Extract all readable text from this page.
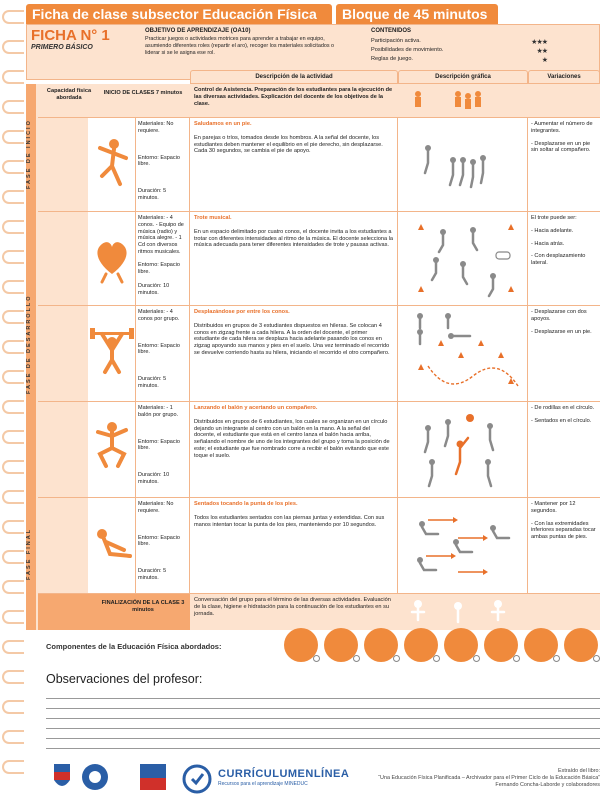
Ficha de clase subsector Educación Física	Bloque de 45 minutos
FICHA N° 1
PRIMERO BÁSICO
OBJETIVO DE APRENDIZAJE (OA10)
Practicar juegos o actividades motrices para aprender a trabajar en equipo, asumiendo diferentes roles (repartir el aro), recoger los materiales solicitados o liderar si se le asigna ese rol.
CONTENIDOS
Participación activa.	★★★
Posibilidades de movimiento.	★★
Reglas de juego.	★
Descripción de la actividad	Descripción gráfica	Variaciones
FASE DE INICIO
FASE DE DESARROLLO
FASE FINAL
Capacidad física abordada
INICIO DE CLASES 7 minutos	Control de Asistencia. Preparación de los estudiantes para la ejecución de las diversas actividades. Explicación del docente de los objetivos de la clase.
Materiales: No requiere.
Entorno: Espacio libre.
Duración: 5 minutos.
Saludamos en un pie.
En parejas o tríos, tomados desde los hombros. A la señal del docente, los estudiantes deben mantener el equilibrio en el pie derecho, sin desplazarse. Cada 30 segundos, se cambia el pie de apoyo.
- Aumentar el número de integrantes.
- Desplazarse en un pie sin soltar al compañero.
Materiales: - 4 conos. - Equipo de música (radio) y música alegre. - 1 Cd con diversos ritmos musicales.
Entorno: Espacio libre.
Duración: 10 minutos.
Trote musical.
En un espacio delimitado por cuatro conos, el docente invita a los estudiantes a trotar con diferentes intensidades al ritmo de la música. El docente selecciona la música adecuada para tener diferentes intensidades de trote y pausas activas.
El trote puede ser:
- Hacia adelante.
- Hacia atrás.
- Con desplazamiento lateral.
Materiales: - 4 conos por grupo.
Entorno: Espacio libre.
Duración: 5 minutos.
Desplazándose por entre los conos.
Distribuidos en grupos de 3 estudiantes dispuestos en hileras. Se colocan 4 conos en zigzag frente a cada hilera. A la orden del docente, el primer estudiante de cada hilera se desplaza hacia adelante pasando los conos en zigzag apoyando sus manos y pies en el suelo. Una vez terminado el recorrido se devuelve corriendo hasta su hilera, iniciando el recorrido el otro compañero.
- Desplazarse con dos apoyos.
- Desplazarse en un pie.
Materiales: - 1 balón por grupo.
Entorno: Espacio libre.
Duración: 10 minutos.
Lanzando el balón y acertando un compañero.
Distribuidos en grupos de 6 estudiantes, los cuales se organizan en un círculo dejando un integrante al centro con un balón en la mano. A la señal del docente, el estudiante que está en el centro lanza el balón hacia arriba, señalando el nombre de uno de los integrantes del grupo y toma la posición de este; el estudiante que fue nombrado corre a recibir el balón evitando que este toque el suelo.
- De rodillas en el círculo.
- Sentados en el círculo.
Materiales: No requiere.
Entorno: Espacio libre.
Duración: 5 minutos.
Sentados tocando la punta de los pies.
Todos los estudiantes sentados con las piernas juntas y extendidas. Con sus manos intentan tocar la punta de los pies, manteniendo por 10 segundos.
- Mantener por 12 segundos.
- Con las extremidades inferiores separadas tocar ambas puntas de pies.
FINALIZACIÓN DE LA CLASE 3 minutos
Conversación del grupo para el término de las diversas actividades. Evaluación de la clase, higiene e hidratación para la continuación de los estudiantes en su jornada.
Componentes de la Educación Física abordados:
Observaciones del profesor:
CURRÍCULUMENLÍNEA
Recursos para el aprendizaje MINEDUC
Extraído del libro:
“Una Educación Física Planificada – Archivador para el Primer Ciclo de la Educación Básica”
Fernando Concha-Laborde y colaboradores
